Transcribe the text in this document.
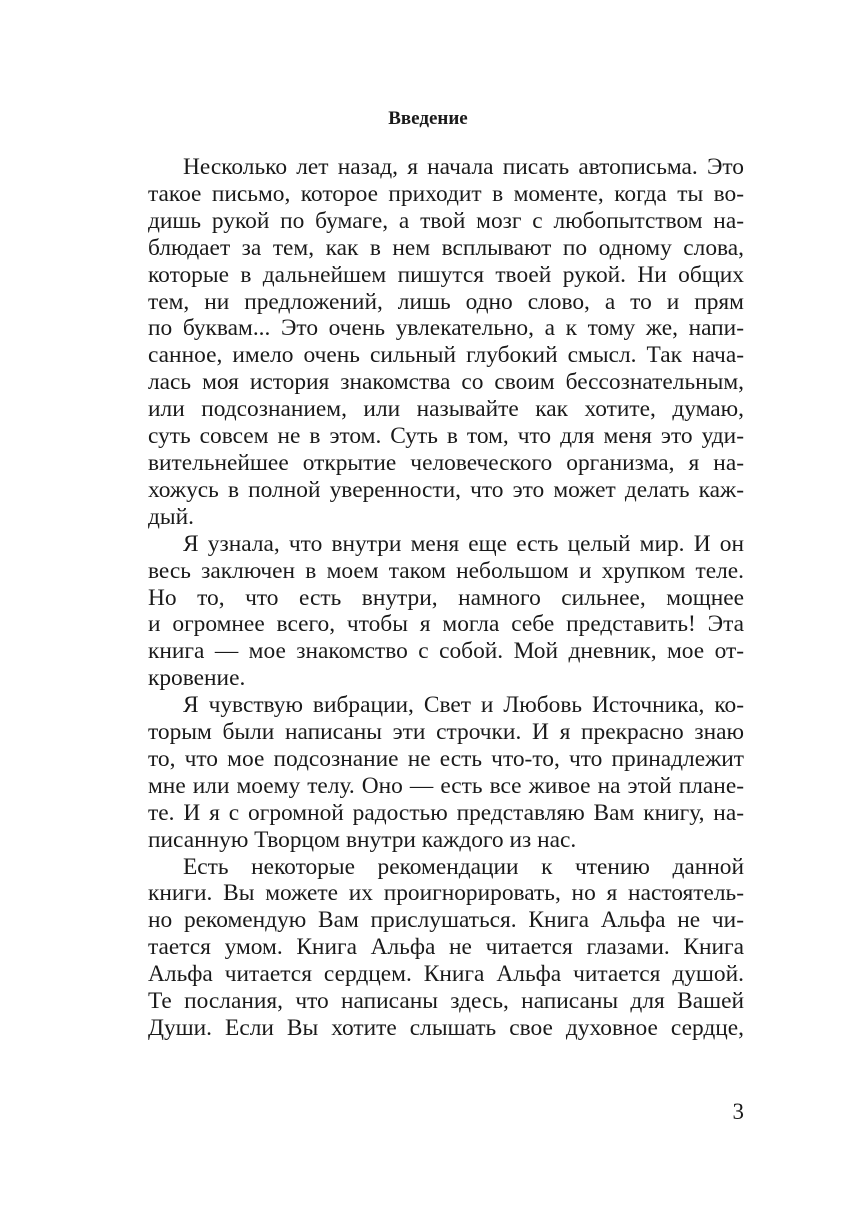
Введение
Несколько лет назад, я начала писать автописьма. Это
такое письмо, которое приходит в моменте, когда ты во-
дишь рукой по бумаге, а твой мозг с любопытством на-
блюдает за тем, как в нем всплывают по одному слова,
которые в дальнейшем пишутся твоей рукой. Ни общих
тем, ни предложений, лишь одно слово, а то и прям
по буквам... Это очень увлекательно, а к тому же, напи-
санное, имело очень сильный глубокий смысл. Так нача-
лась моя история знакомства со своим бессознательным,
или подсознанием, или называйте как хотите, думаю,
суть совсем не в этом. Суть в том, что для меня это уди-
вительнейшее открытие человеческого организма, я на-
хожусь в полной уверенности, что это может делать каж-
дый.
Я узнала, что внутри меня еще есть целый мир. И он
весь заключен в моем таком небольшом и хрупком теле.
Но то, что есть внутри, намного сильнее, мощнее
и огромнее всего, чтобы я могла себе представить! Эта
книга — мое знакомство с собой. Мой дневник, мое от-
кровение.
Я чувствую вибрации, Свет и Любовь Источника, ко-
торым были написаны эти строчки. И я прекрасно знаю
то, что мое подсознание не есть что-то, что принадлежит
мне или моему телу. Оно — есть все живое на этой плане-
те. И я с огромной радостью представляю Вам книгу, на-
писанную Творцом внутри каждого из нас.
Есть некоторые рекомендации к чтению данной
книги. Вы можете их проигнорировать, но я настоятель-
но рекомендую Вам прислушаться. Книга Альфа не чи-
тается умом. Книга Альфа не читается глазами. Книга
Альфа читается сердцем. Книга Альфа читается душой.
Те послания, что написаны здесь, написаны для Вашей
Души. Если Вы хотите слышать свое духовное сердце,
3
